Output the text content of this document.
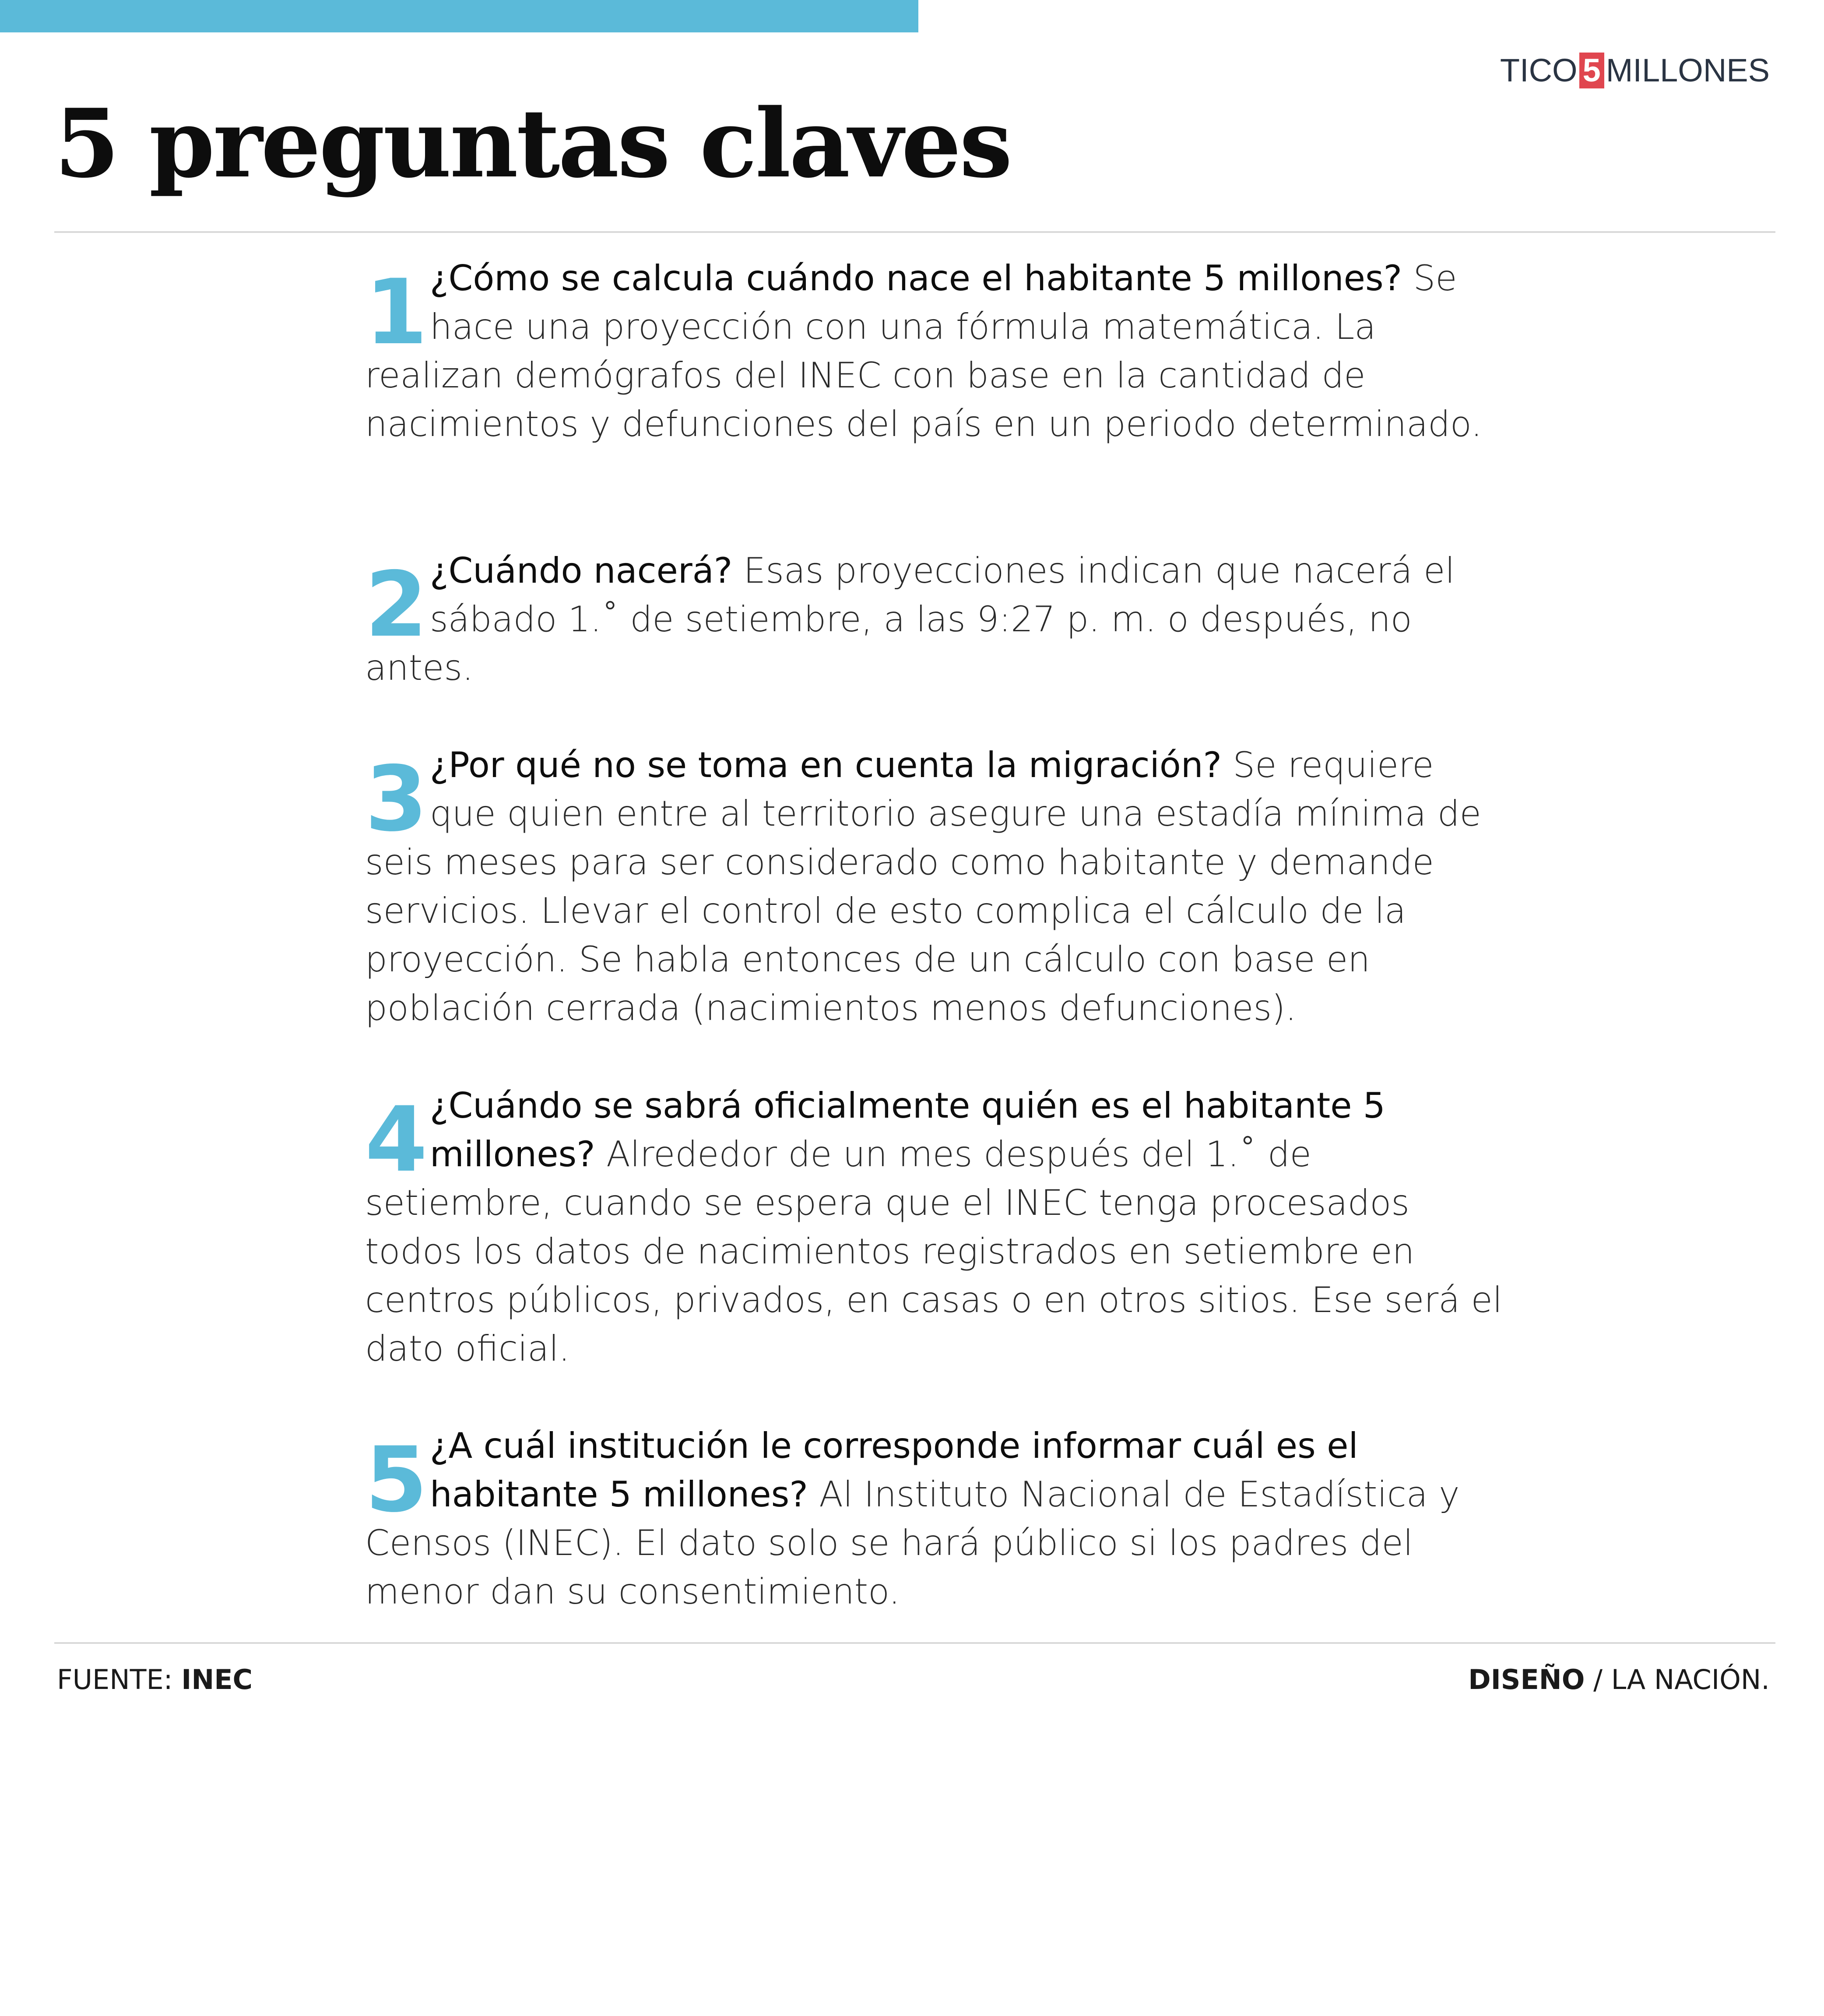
TICO 5 MILLONES
5 preguntas claves
1 ¿Cómo se calcula cuándo nace el habitante 5 millones? Se hace una proyección con una fórmula matemática. La realizan demógrafos del INEC con base en la cantidad de nacimientos y defunciones del país en un periodo determinado.
2 ¿Cuándo nacerá? Esas proyecciones indican que nacerá el sábado 1.˚ de setiembre, a las 9:27 p. m. o después, no antes.
3 ¿Por qué no se toma en cuenta la migración? Se requiere que quien entre al territorio asegure una estadía mínima de seis meses para ser considerado como habitante y demande servicios. Llevar el control de esto complica el cálculo de la proyección. Se habla entonces de un cálculo con base en población cerrada (nacimientos menos defunciones).
4 ¿Cuándo se sabrá oficialmente quién es el habitante 5 millones? Alrededor de un mes después del 1.˚ de setiembre, cuando se espera que el INEC tenga procesados todos los datos de nacimientos registrados en setiembre en centros públicos, privados, en casas o en otros sitios. Ese será el dato oficial.
5 ¿A cuál institución le corresponde informar cuál es el habitante 5 millones? Al Instituto Nacional de Estadística y Censos (INEC). El dato solo se hará público si los padres del menor dan su consentimiento.
FUENTE: INEC	DISEÑO / LA NACIÓN.
